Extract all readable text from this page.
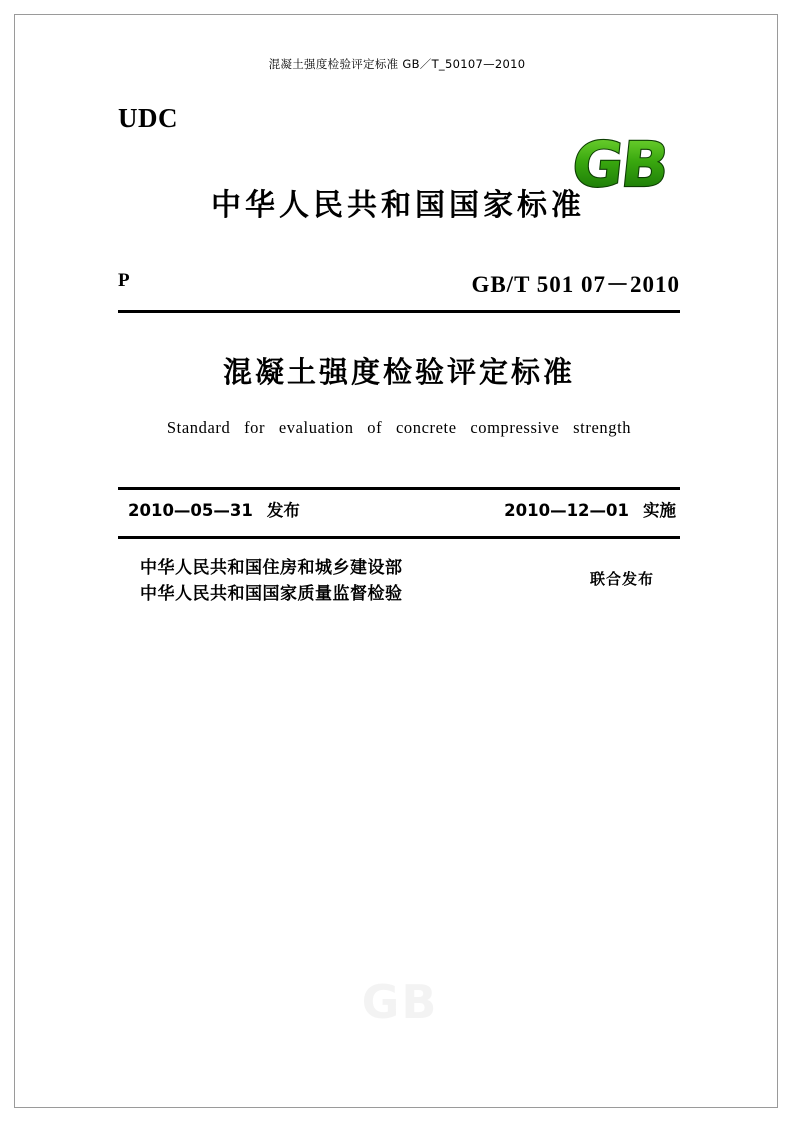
混凝土强度检验评定标准 GB／T_50107—2010
UDC
中华人民共和国国家标准
GB
P	GB/T 501 07－2010
混凝土强度检验评定标准
Standard for evaluation of concrete compressive strength
2010—05—31 发布	2010—12—01 实施
中华人民共和国住房和城乡建设部
中华人民共和国国家质量监督检验
联合发布
